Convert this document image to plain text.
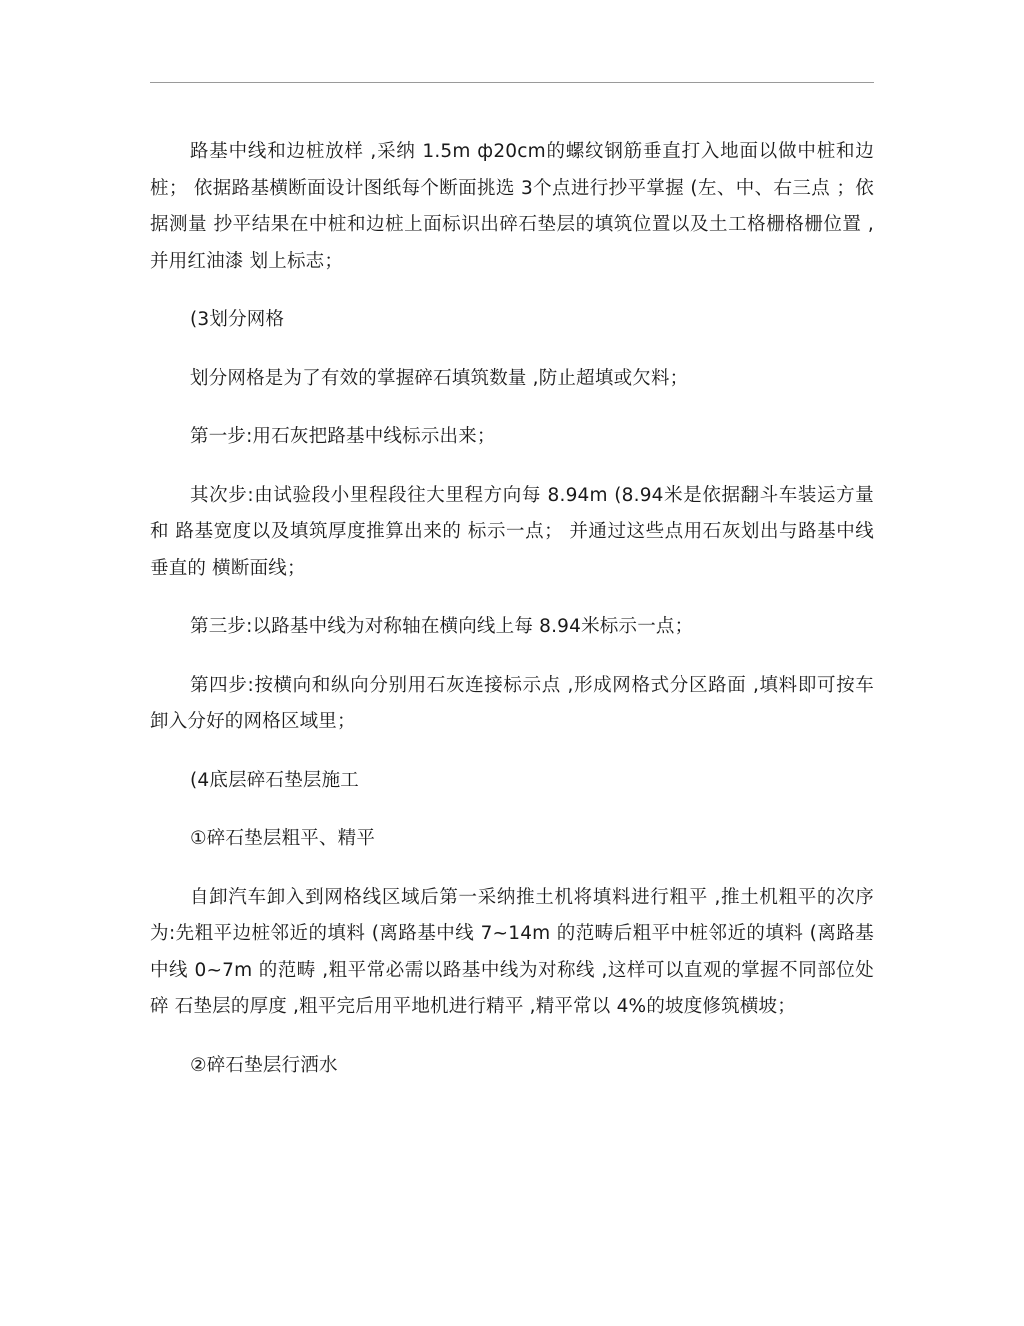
路基中线和边桩放样 ,采纳 1.5m ф20cm的螺纹钢筋垂直打入地面以做中桩和边桩； 依据路基横断面设计图纸每个断面挑选 3个点进行抄平掌握 (左、中、右三点 ；依据测量 抄平结果在中桩和边桩上面标识出碎石垫层的填筑位置以及土工格栅格栅位置 , 并用红油漆 划上标志；

(3划分网格

划分网格是为了有效的掌握碎石填筑数量 ,防止超填或欠料；

第一步:用石灰把路基中线标示出来；

其次步:由试验段小里程段往大里程方向每 8.94m (8.94米是依据翻斗车装运方量和 路基宽度以及填筑厚度推算出来的 标示一点； 并通过这些点用石灰划出与路基中线垂直的 横断面线；

第三步:以路基中线为对称轴在横向线上每 8.94米标示一点；

第四步:按横向和纵向分别用石灰连接标示点 ,形成网格式分区路面 ,填料即可按车 卸入分好的网格区域里；

(4底层碎石垫层施工

①碎石垫层粗平、精平

自卸汽车卸入到网格线区域后第一采纳推土机将填料进行粗平 ,推土机粗平的次序 为:先粗平边桩邻近的填料 (离路基中线 7~14m 的范畴后粗平中桩邻近的填料 (离路基 中线 0~7m 的范畴 ,粗平常必需以路基中线为对称线 ,这样可以直观的掌握不同部位处碎 石垫层的厚度 ,粗平完后用平地机进行精平 ,精平常以 4%的坡度修筑横坡；

②碎石垫层行洒水
